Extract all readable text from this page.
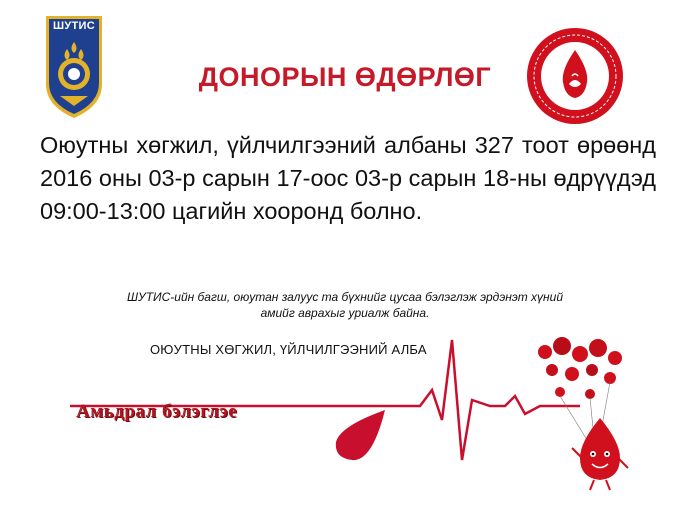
ШУТИС
ДОНОРЫН ӨДӨРЛӨГ
Оюутны хөгжил, үйлчилгээний албаны 327 тоот өрөөнд 2016 оны 03-р сарын 17-оос 03-р сарын 18-ны өдрүүдэд 09:00-13:00 цагийн хооронд болно.
ШУТИС-ийн багш, оюутан залуус та бүхнийг цусаа бэлэглэж эрдэнэт хүний
амийг аврахыг уриалж байна.
ОЮУТНЫ ХӨГЖИЛ, ҮЙЛЧИЛГЭЭНИЙ АЛБА
Амьдрал бэлэглэе
